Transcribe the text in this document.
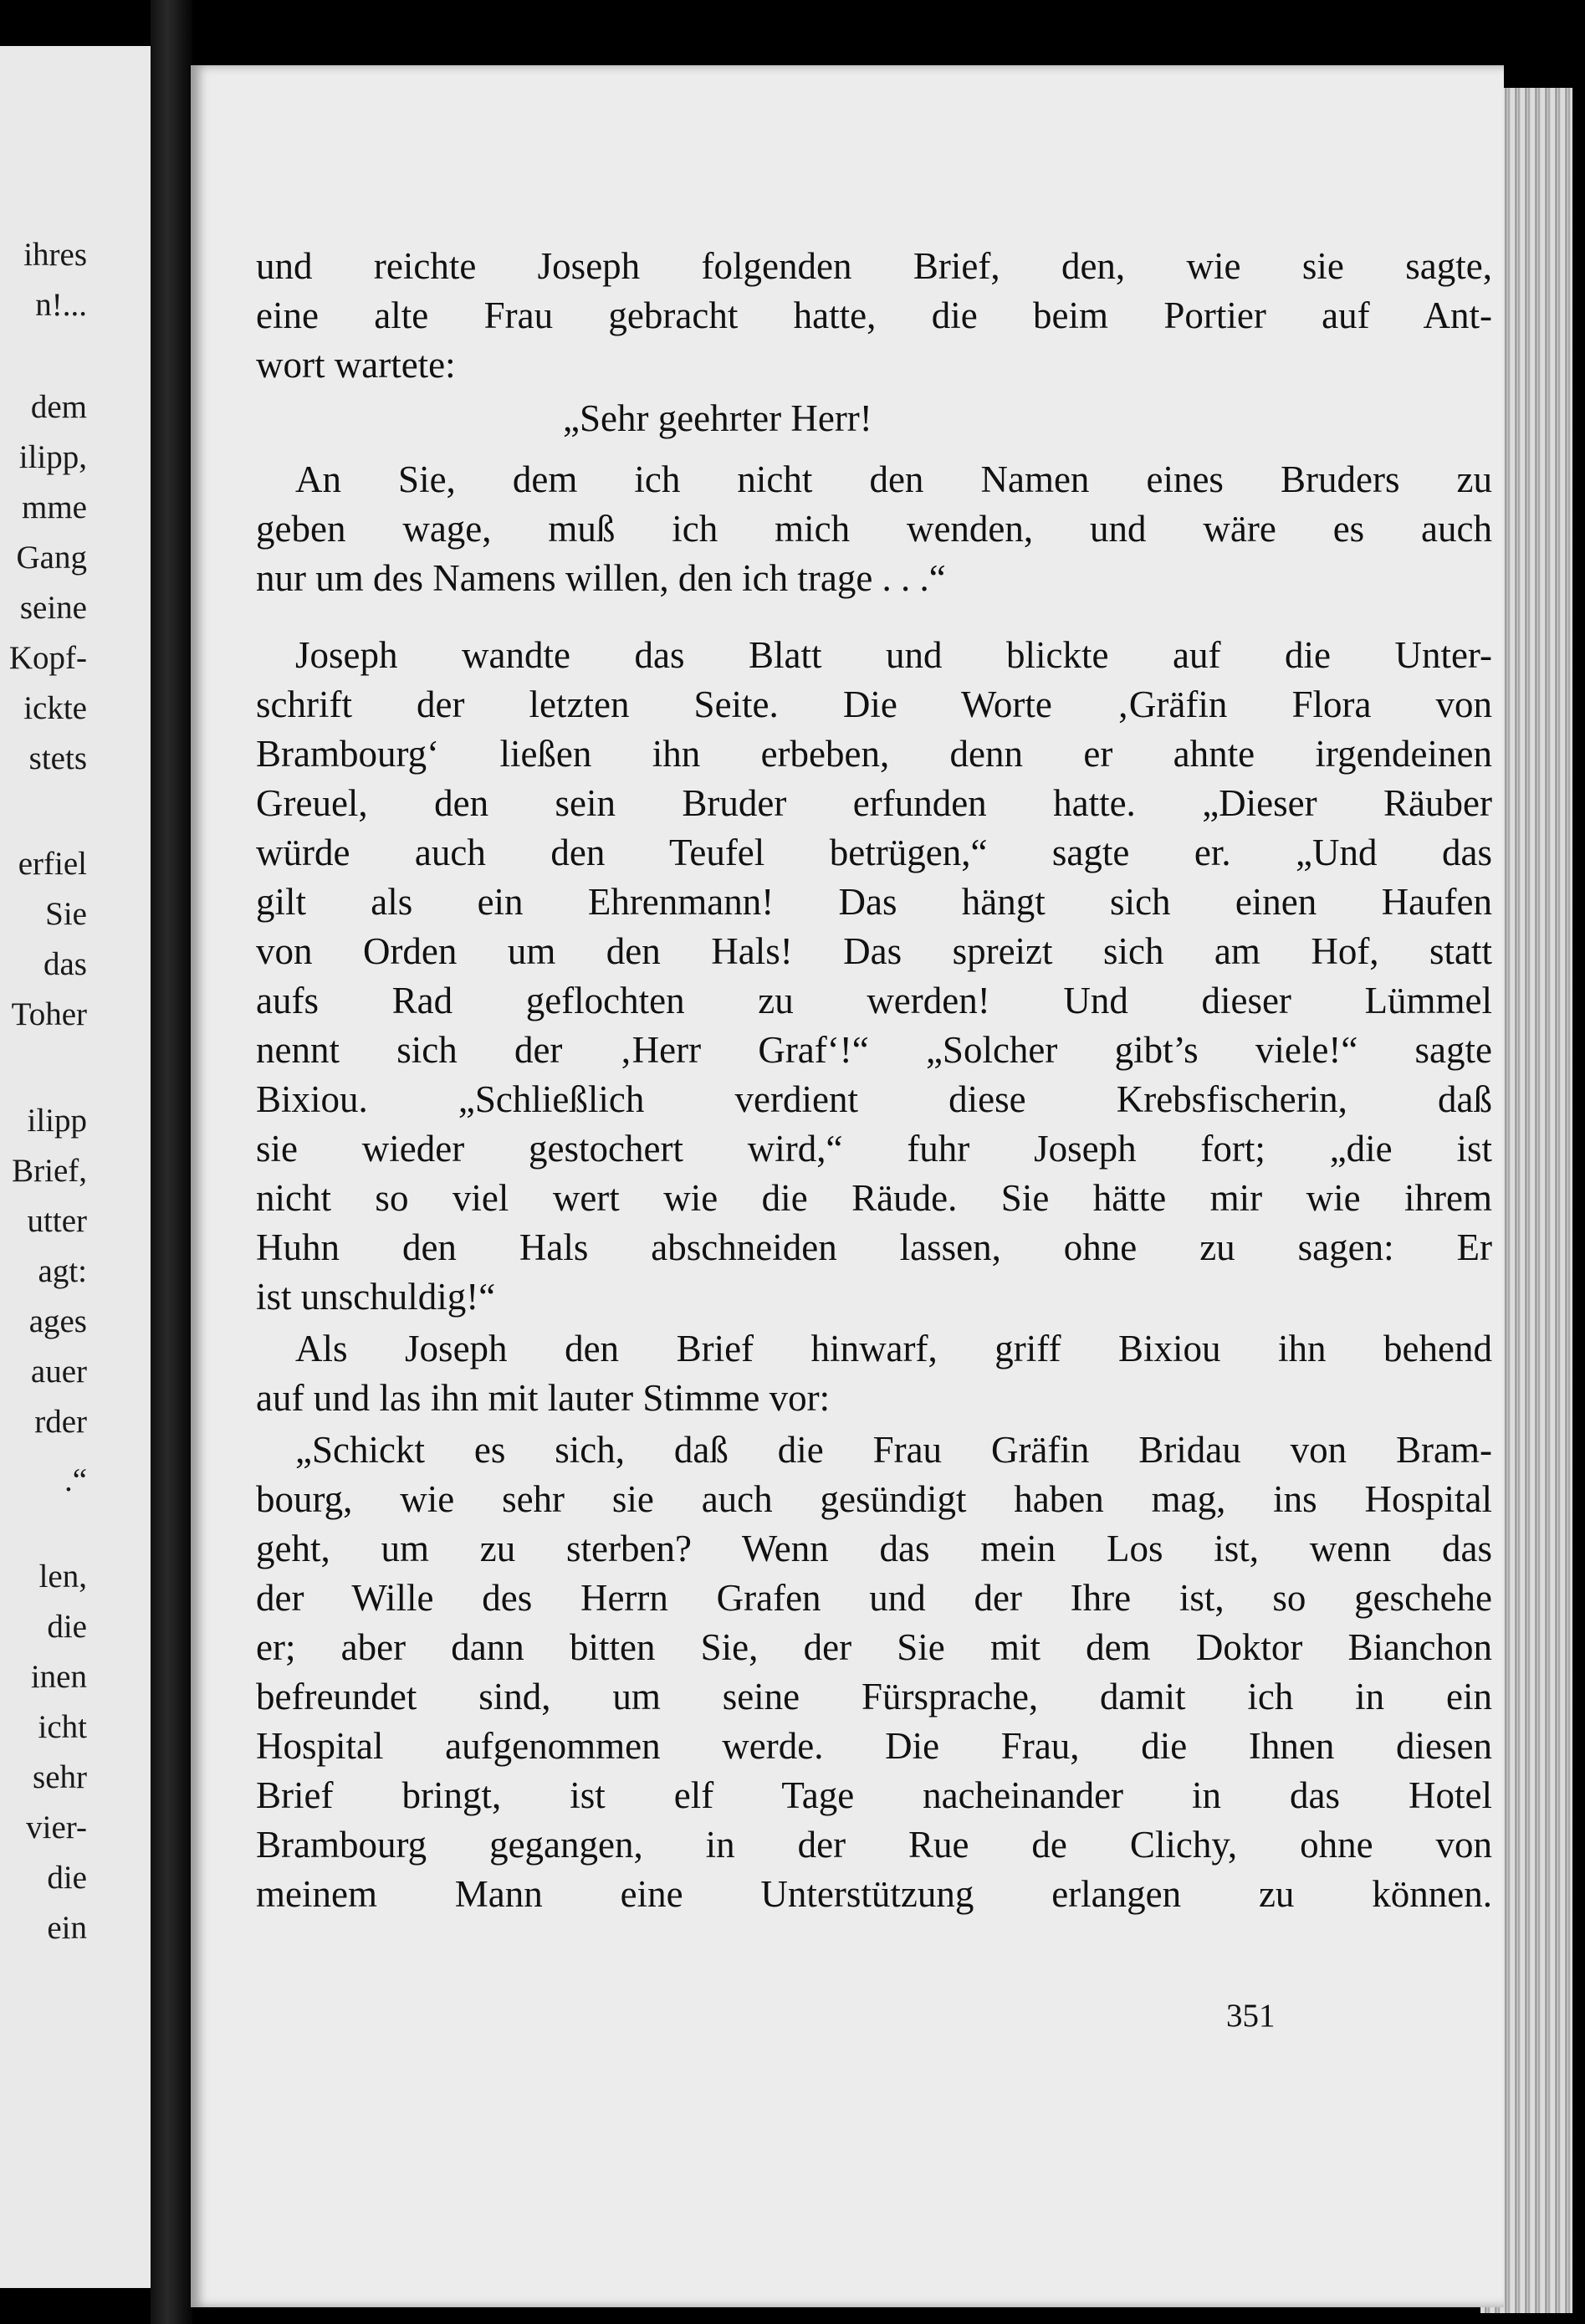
ihres
n!...
dem
ilipp,
mme
Gang
seine
Kopf-
ickte
stets
erfiel
Sie
das
Toher
ilipp
Brief,
utter
agt:
ages
auer
rder
.“
len,
die
inen
icht
sehr
vier-
die
ein
und reichte Joseph folgenden Brief, den, wie sie sagte,
eine alte Frau gebracht hatte, die beim Portier auf Ant-
wort wartete:
„Sehr geehrter Herr!
An Sie, dem ich nicht den Namen eines Bruders zu
geben wage, muß ich mich wenden, und wäre es auch
nur um des Namens willen, den ich trage . . .“
Joseph wandte das Blatt und blickte auf die Unter-
schrift der letzten Seite. Die Worte ‚Gräfin Flora von
Brambourg‘ ließen ihn erbeben, denn er ahnte irgendeinen
Greuel, den sein Bruder erfunden hatte. „Dieser Räuber
würde auch den Teufel betrügen,“ sagte er. „Und das
gilt als ein Ehrenmann! Das hängt sich einen Haufen
von Orden um den Hals! Das spreizt sich am Hof, statt
aufs Rad geflochten zu werden! Und dieser Lümmel
nennt sich der ‚Herr Graf‘!“ „Solcher gibt’s viele!“ sagte
Bixiou. „Schließlich verdient diese Krebsfischerin, daß
sie wieder gestochert wird,“ fuhr Joseph fort; „die ist
nicht so viel wert wie die Räude. Sie hätte mir wie ihrem
Huhn den Hals abschneiden lassen, ohne zu sagen: Er
ist unschuldig!“
Als Joseph den Brief hinwarf, griff Bixiou ihn behend
auf und las ihn mit lauter Stimme vor:
„Schickt es sich, daß die Frau Gräfin Bridau von Bram-
bourg, wie sehr sie auch gesündigt haben mag, ins Hospital
geht, um zu sterben? Wenn das mein Los ist, wenn das
der Wille des Herrn Grafen und der Ihre ist, so geschehe
er; aber dann bitten Sie, der Sie mit dem Doktor Bianchon
befreundet sind, um seine Fürsprache, damit ich in ein
Hospital aufgenommen werde. Die Frau, die Ihnen diesen
Brief bringt, ist elf Tage nacheinander in das Hotel
Brambourg gegangen, in der Rue de Clichy, ohne von
meinem Mann eine Unterstützung erlangen zu können.
351
